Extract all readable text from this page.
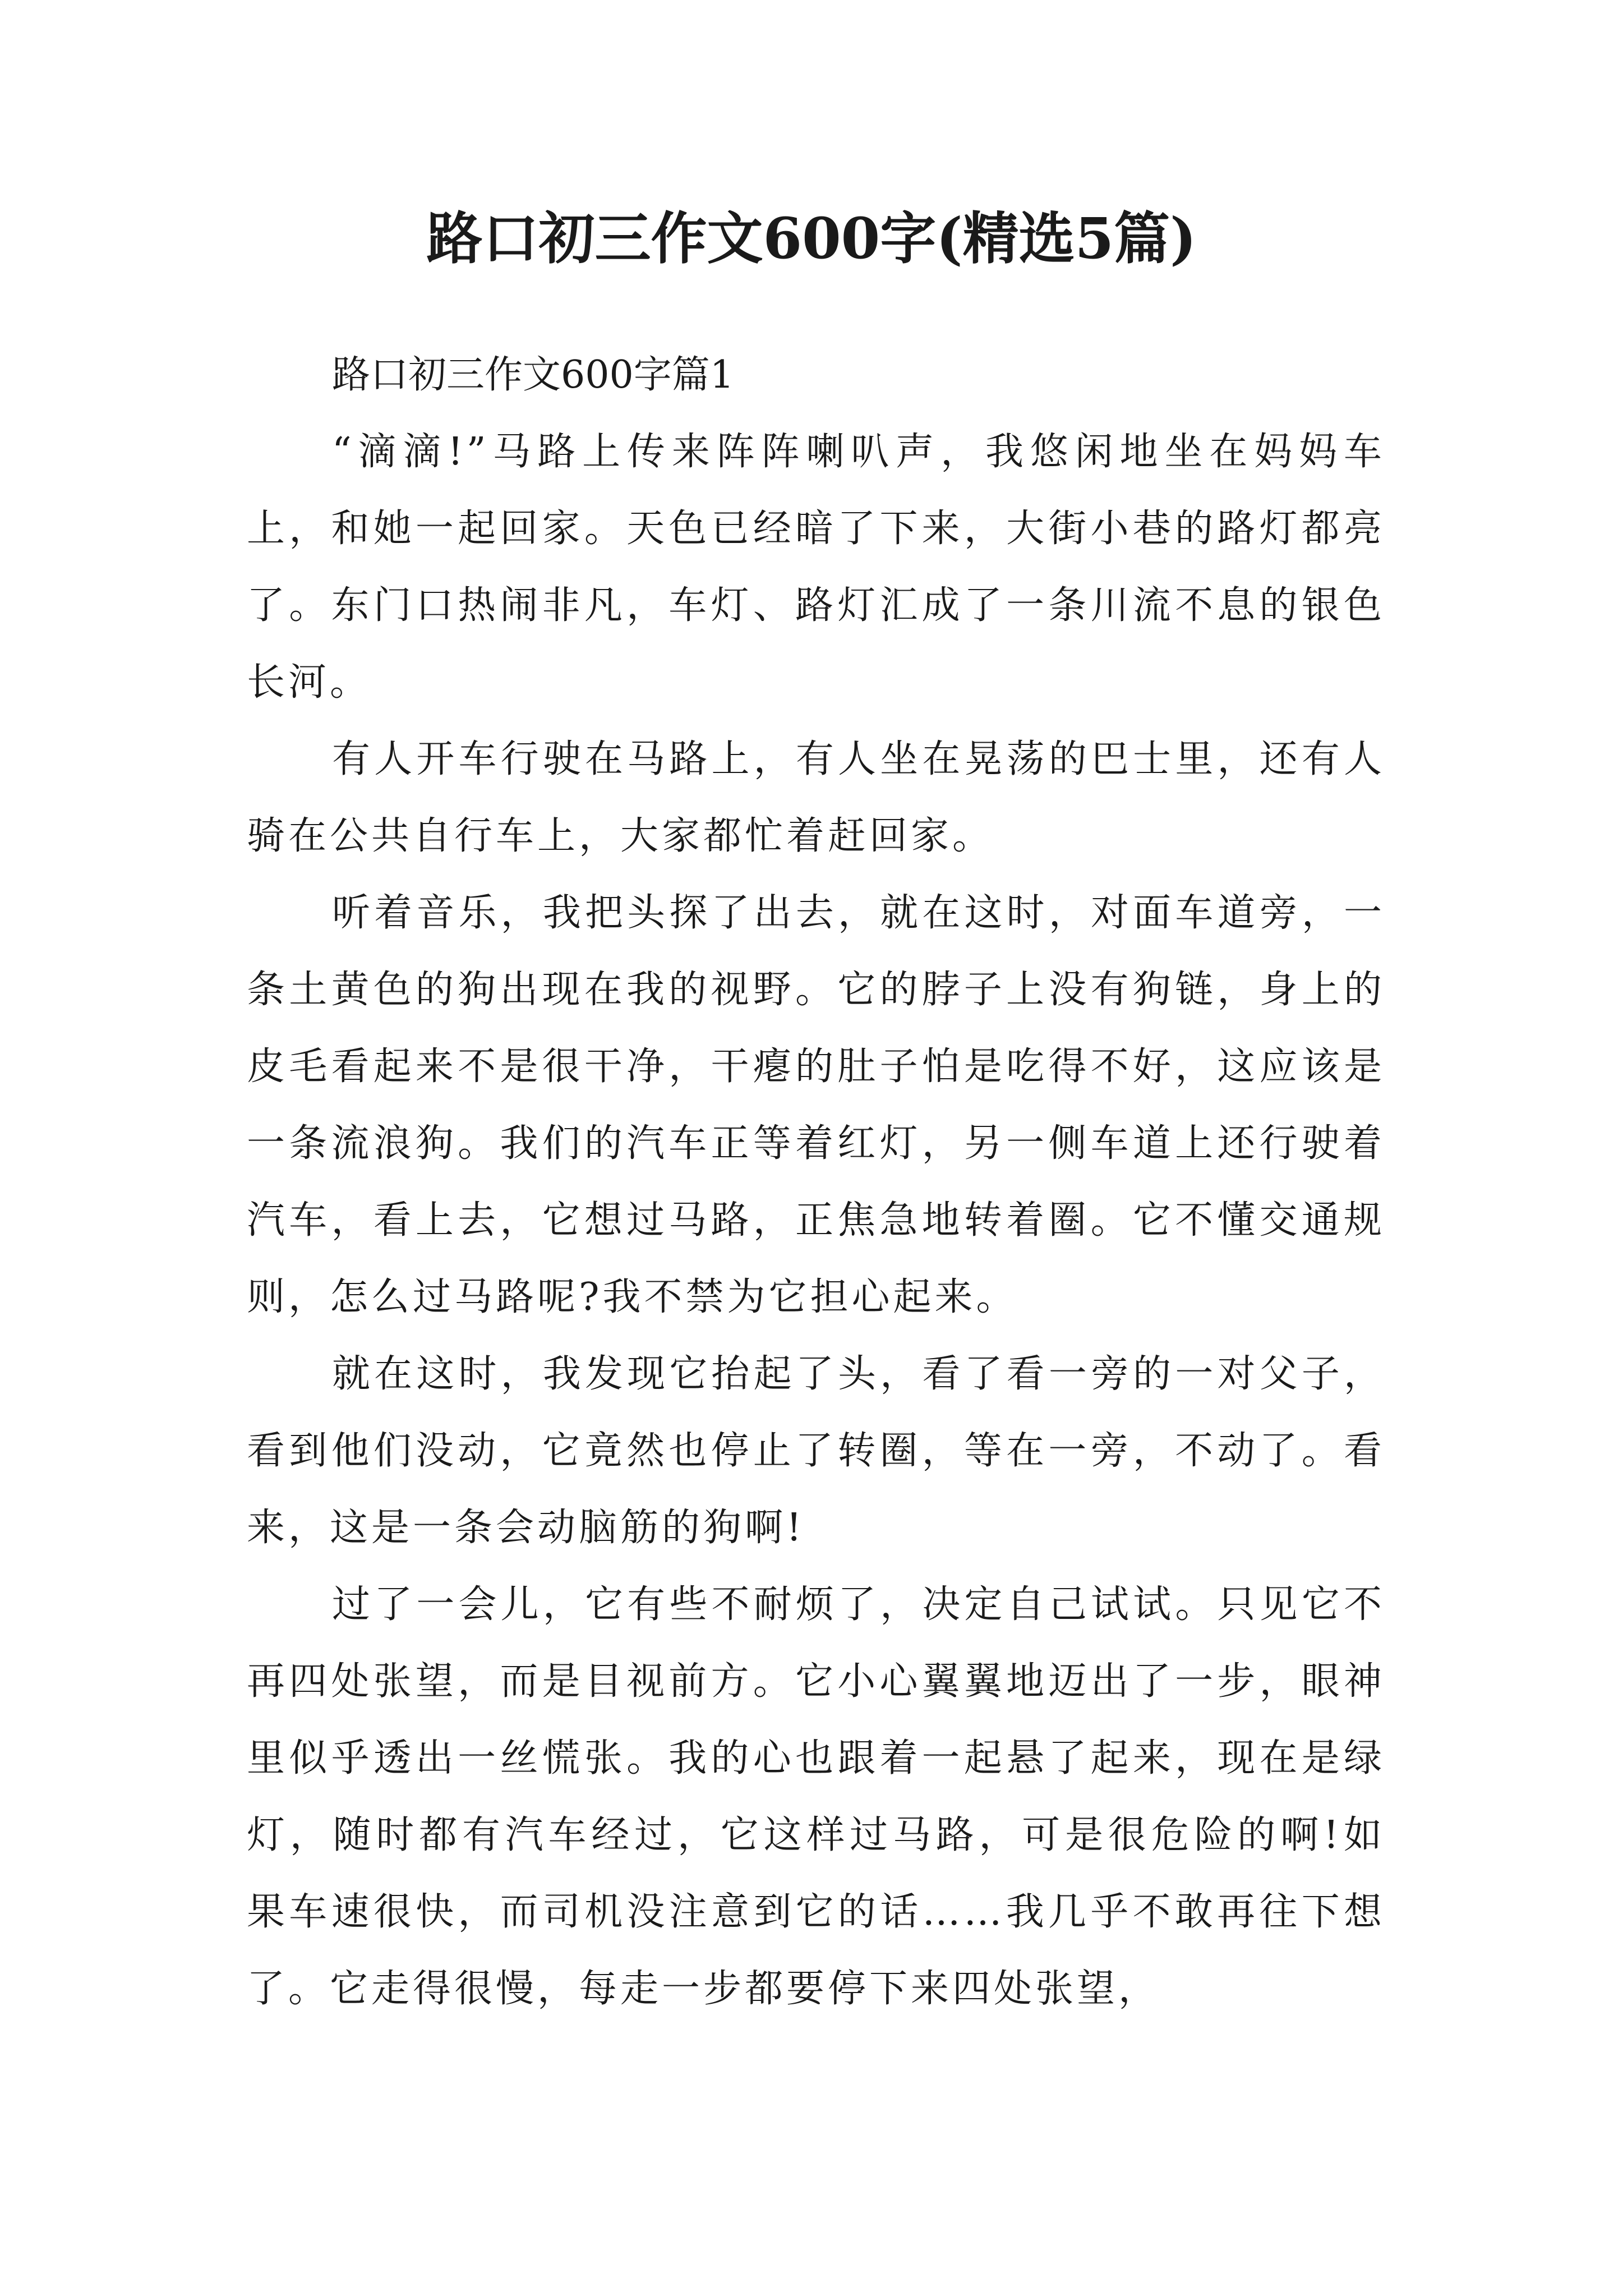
路口初三作文600字(精选5篇)

路口初三作文600字篇1

“滴滴!”马路上传来阵阵喇叭声，我悠闲地坐在妈妈车上，和她一起回家。天色已经暗了下来，大街小巷的路灯都亮了。东门口热闹非凡，车灯、路灯汇成了一条川流不息的银色长河。

有人开车行驶在马路上，有人坐在晃荡的巴士里，还有人骑在公共自行车上，大家都忙着赶回家。

听着音乐，我把头探了出去，就在这时，对面车道旁，一条土黄色的狗出现在我的视野。它的脖子上没有狗链，身上的皮毛看起来不是很干净，干瘪的肚子怕是吃得不好，这应该是一条流浪狗。我们的汽车正等着红灯，另一侧车道上还行驶着汽车，看上去，它想过马路，正焦急地转着圈。它不懂交通规则，怎么过马路呢?我不禁为它担心起来。

就在这时，我发现它抬起了头，看了看一旁的一对父子，看到他们没动，它竟然也停止了转圈，等在一旁，不动了。看来，这是一条会动脑筋的狗啊!

过了一会儿，它有些不耐烦了，决定自己试试。只见它不再四处张望，而是目视前方。它小心翼翼地迈出了一步，眼神里似乎透出一丝慌张。我的心也跟着一起悬了起来，现在是绿灯，随时都有汽车经过，它这样过马路，可是很危险的啊!如果车速很快，而司机没注意到它的话……我几乎不敢再往下想了。它走得很慢，每走一步都要停下来四处张望，
